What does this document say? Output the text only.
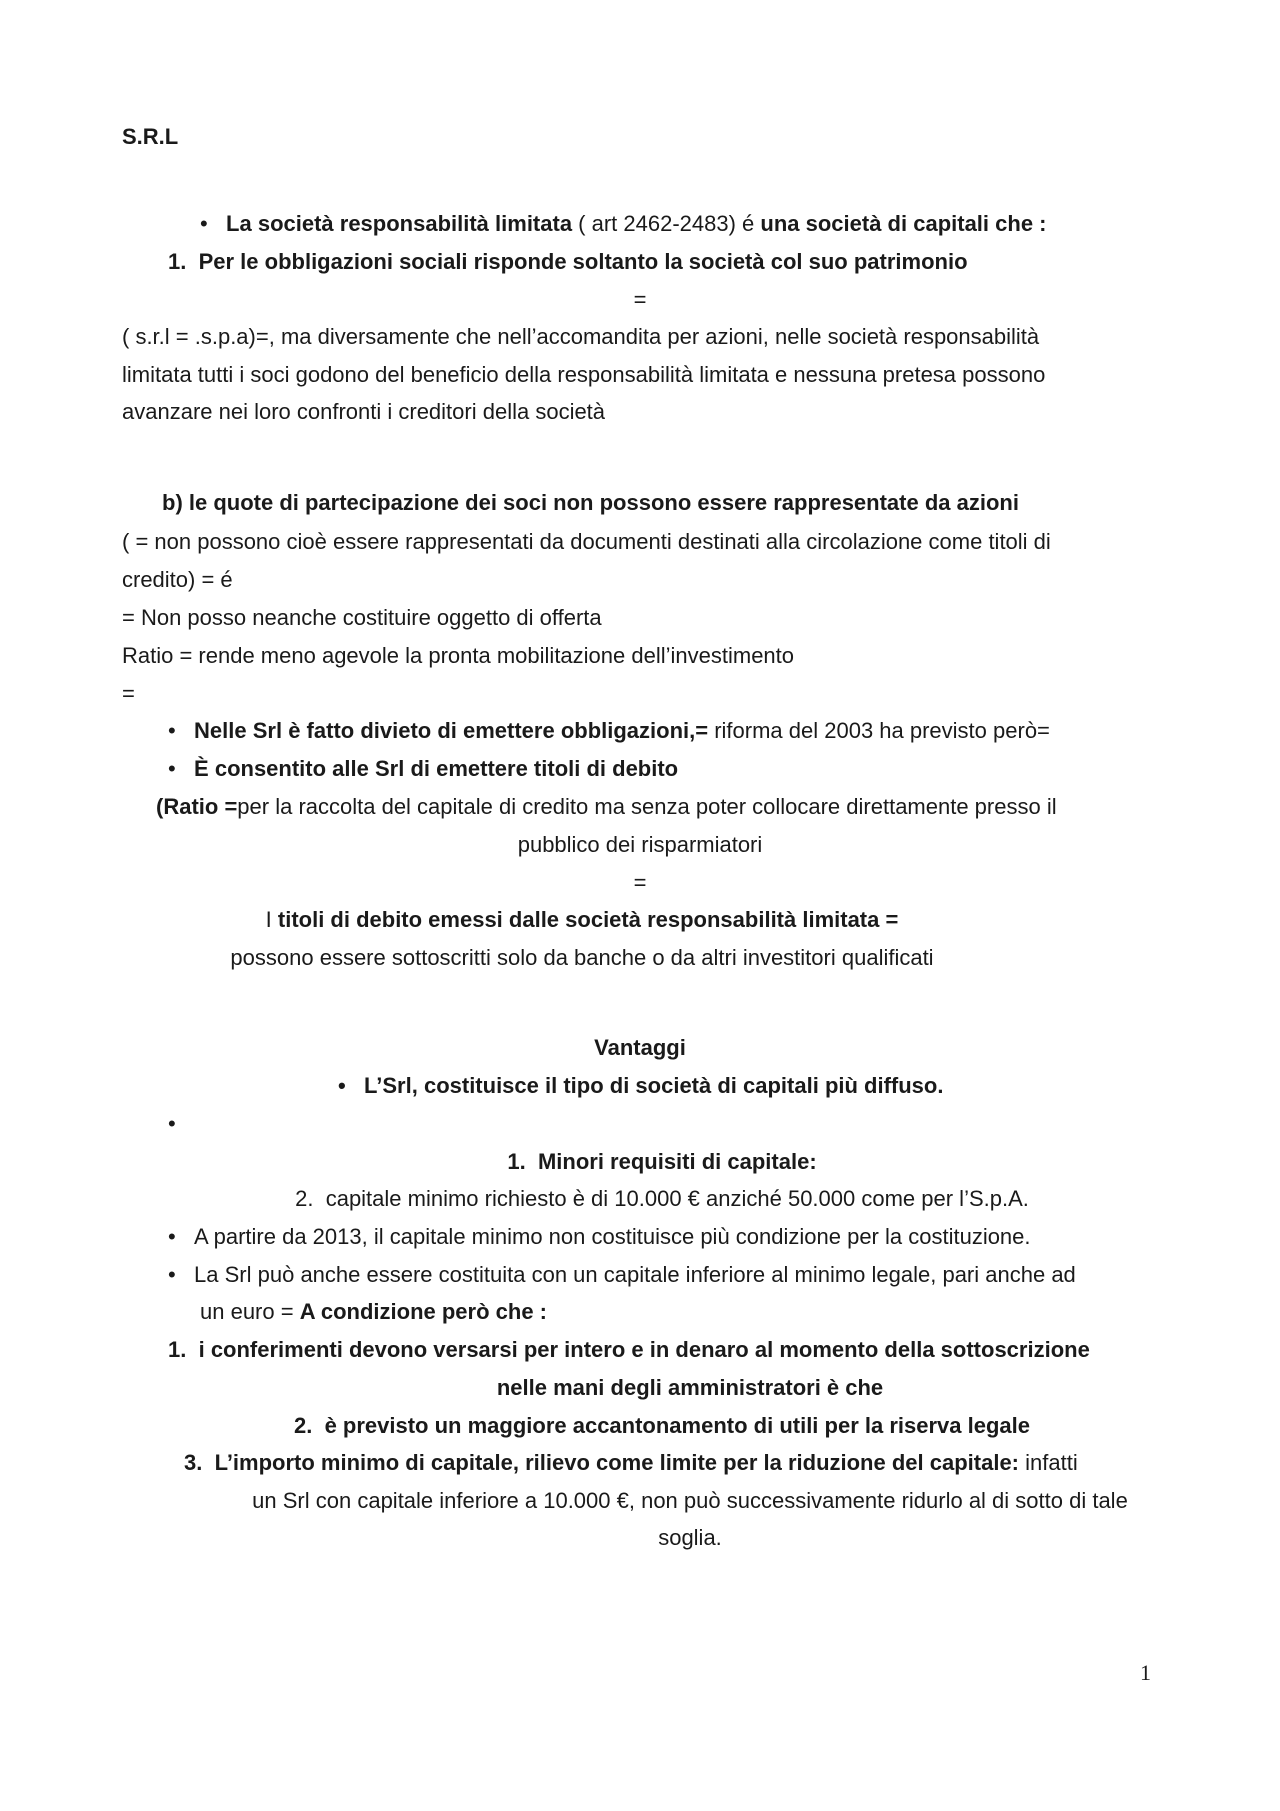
S.R.L
• La società responsabilità limitata ( art 2462-2483) é una società di capitali che :
1. Per le obbligazioni sociali risponde soltanto la società col suo patrimonio
=
( s.r.l = .s.p.a)=, ma diversamente che nell’accomandita per azioni, nelle società responsabilità
limitata tutti i soci godono del beneficio della responsabilità limitata e nessuna pretesa possono
avanzare nei loro confronti i creditori della società
b) le quote di partecipazione dei soci non possono essere rappresentate da azioni
( = non possono cioè essere rappresentati da documenti destinati alla circolazione come titoli di
credito) = é
= Non posso neanche costituire oggetto di offerta
Ratio = rende meno agevole la pronta mobilitazione dell’investimento
=
• Nelle Srl è fatto divieto di emettere obbligazioni,= riforma del 2003 ha previsto però=
• È consentito alle Srl di emettere titoli di debito
(Ratio =per la raccolta del capitale di credito ma senza poter collocare direttamente presso il
pubblico dei risparmiatori
=
I titoli di debito emessi dalle società responsabilità limitata =
possono essere sottoscritti solo da banche o da altri investitori qualificati
Vantaggi
• L’Srl, costituisce il tipo di società di capitali più diffuso.
•
1. Minori requisiti di capitale:
2. capitale minimo richiesto è di 10.000 € anziché 50.000 come per l’S.p.A.
• A partire da 2013, il capitale minimo non costituisce più condizione per la costituzione.
• La Srl può anche essere costituita con un capitale inferiore al minimo legale, pari anche ad
un euro = A condizione però che :
1. i conferimenti devono versarsi per intero e in denaro al momento della sottoscrizione
nelle mani degli amministratori è che
2. è previsto un maggiore accantonamento di utili per la riserva legale
3. L’importo minimo di capitale, rilievo come limite per la riduzione del capitale: infatti
un Srl con capitale inferiore a 10.000 €, non può successivamente ridurlo al di sotto di tale
soglia.
1
